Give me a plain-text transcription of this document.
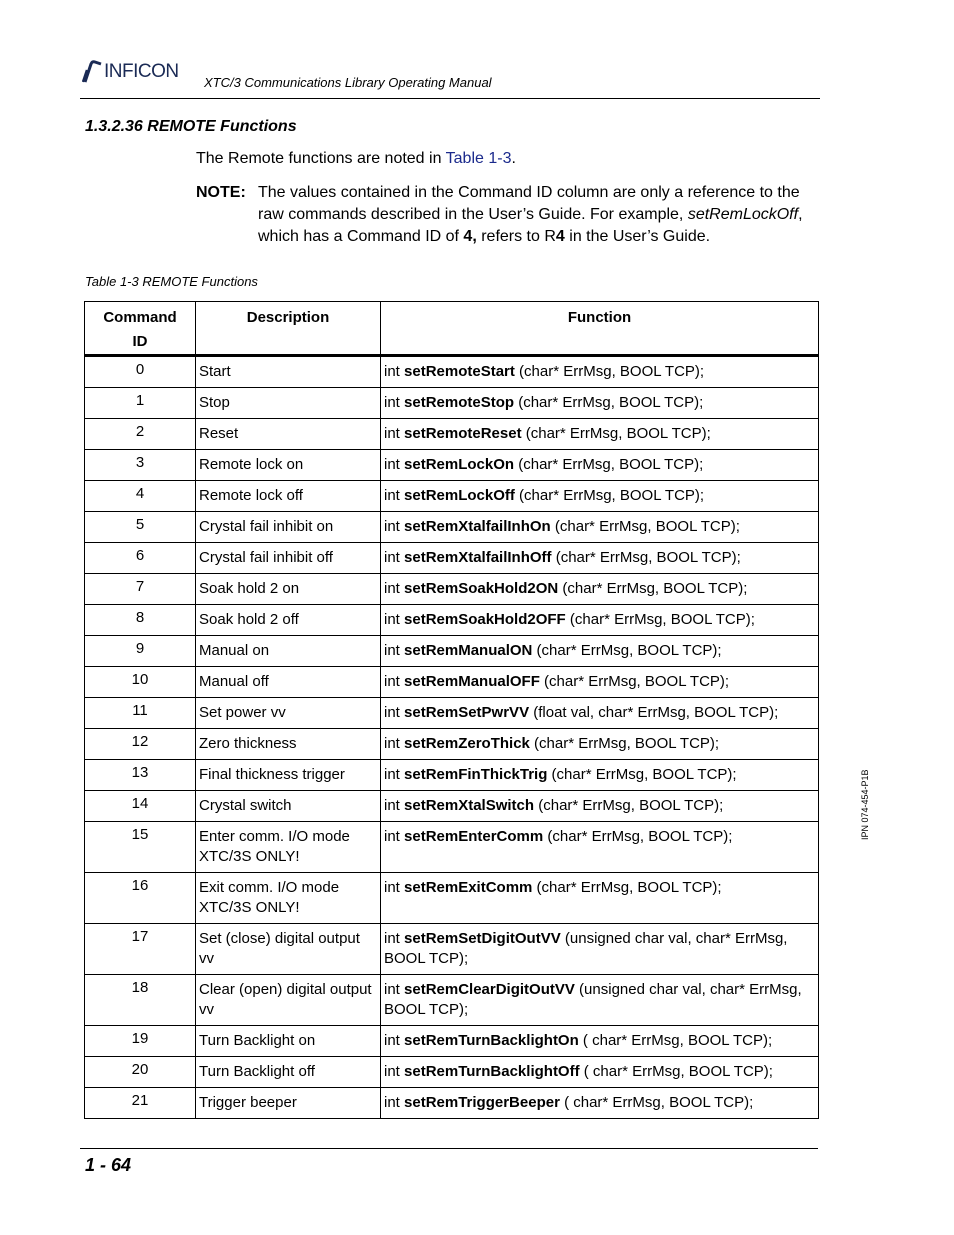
INFICON
XTC/3 Communications Library Operating Manual
1.3.2.36 REMOTE Functions
The Remote functions are noted in Table 1-3.
NOTE: The values contained in the Command ID column are only a reference to the raw commands described in the User’s Guide. For example, setRemLockOff, which has a Command ID of 4, refers to R4 in the User’s Guide.
Table 1-3 REMOTE Functions
Command
ID	Description	Function
0	Start	int setRemoteStart (char* ErrMsg, BOOL TCP);
1	Stop	int setRemoteStop (char* ErrMsg, BOOL TCP);
2	Reset	int setRemoteReset (char* ErrMsg, BOOL TCP);
3	Remote lock on	int setRemLockOn (char* ErrMsg, BOOL TCP);
4	Remote lock off	int setRemLockOff (char* ErrMsg, BOOL TCP);
5	Crystal fail inhibit on	int setRemXtalfailInhOn (char* ErrMsg, BOOL TCP);
6	Crystal fail inhibit off	int setRemXtalfailInhOff (char* ErrMsg, BOOL TCP);
7	Soak hold 2 on	int setRemSoakHold2ON (char* ErrMsg, BOOL TCP);
8	Soak hold 2 off	int setRemSoakHold2OFF (char* ErrMsg, BOOL TCP);
9	Manual on	int setRemManualON (char* ErrMsg, BOOL TCP);
10	Manual off	int setRemManualOFF (char* ErrMsg, BOOL TCP);
11	Set power vv	int setRemSetPwrVV (float val, char* ErrMsg, BOOL TCP);
12	Zero thickness	int setRemZeroThick (char* ErrMsg, BOOL TCP);
13	Final thickness trigger	int setRemFinThickTrig (char* ErrMsg, BOOL TCP);
14	Crystal switch	int setRemXtalSwitch (char* ErrMsg, BOOL TCP);
15	Enter comm. I/O mode XTC/3S ONLY!	int setRemEnterComm (char* ErrMsg, BOOL TCP);
16	Exit comm. I/O mode XTC/3S ONLY!	int setRemExitComm (char* ErrMsg, BOOL TCP);
17	Set (close) digital output vv	int setRemSetDigitOutVV (unsigned char val, char* ErrMsg, BOOL TCP);
18	Clear (open) digital output vv	int setRemClearDigitOutVV (unsigned char val, char* ErrMsg, BOOL TCP);
19	Turn Backlight on	int setRemTurnBacklightOn ( char* ErrMsg, BOOL TCP);
20	Turn Backlight off	int setRemTurnBacklightOff ( char* ErrMsg, BOOL TCP);
21	Trigger beeper	int setRemTriggerBeeper ( char* ErrMsg, BOOL TCP);
1 - 64
IPN 074-454-P1B
